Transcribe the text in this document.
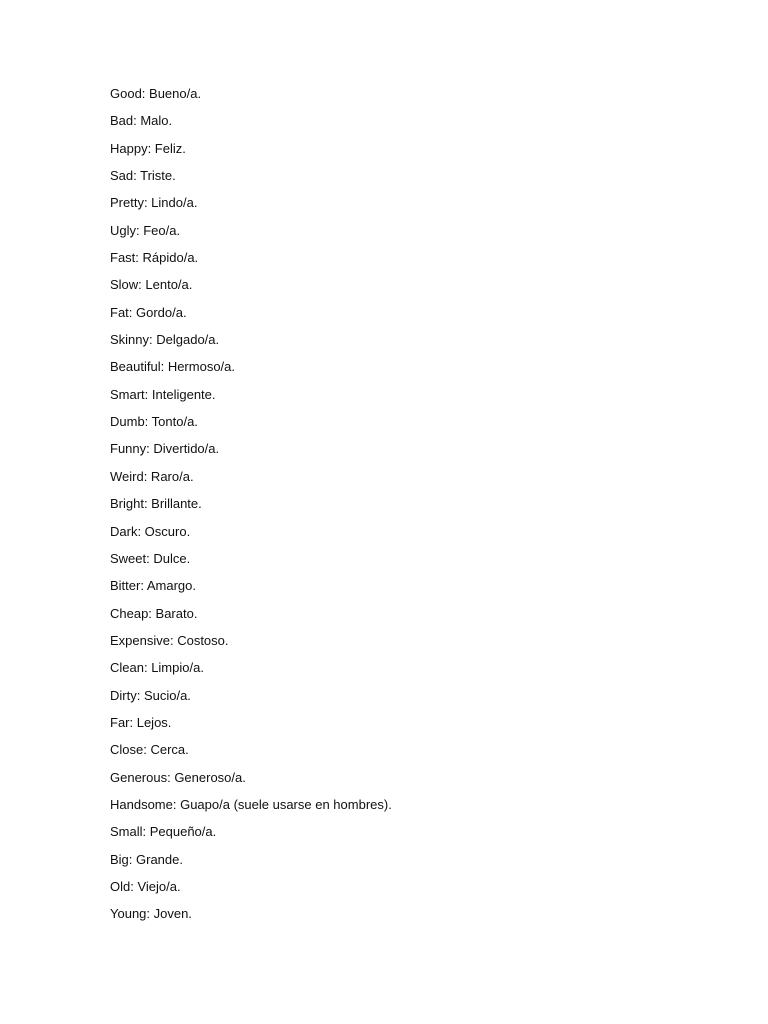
Good: Bueno/a.
Bad: Malo.
Happy: Feliz.
Sad: Triste.
Pretty: Lindo/a.
Ugly: Feo/a.
Fast: Rápido/a.
Slow: Lento/a.
Fat: Gordo/a.
Skinny: Delgado/a.
Beautiful: Hermoso/a.
Smart: Inteligente.
Dumb: Tonto/a.
Funny: Divertido/a.
Weird: Raro/a.
Bright: Brillante.
Dark: Oscuro.
Sweet: Dulce.
Bitter: Amargo.
Cheap: Barato.
Expensive: Costoso.
Clean: Limpio/a.
Dirty: Sucio/a.
Far: Lejos.
Close: Cerca.
Generous: Generoso/a.
Handsome: Guapo/a (suele usarse en hombres).
Small: Pequeño/a.
Big: Grande.
Old: Viejo/a.
Young: Joven.
